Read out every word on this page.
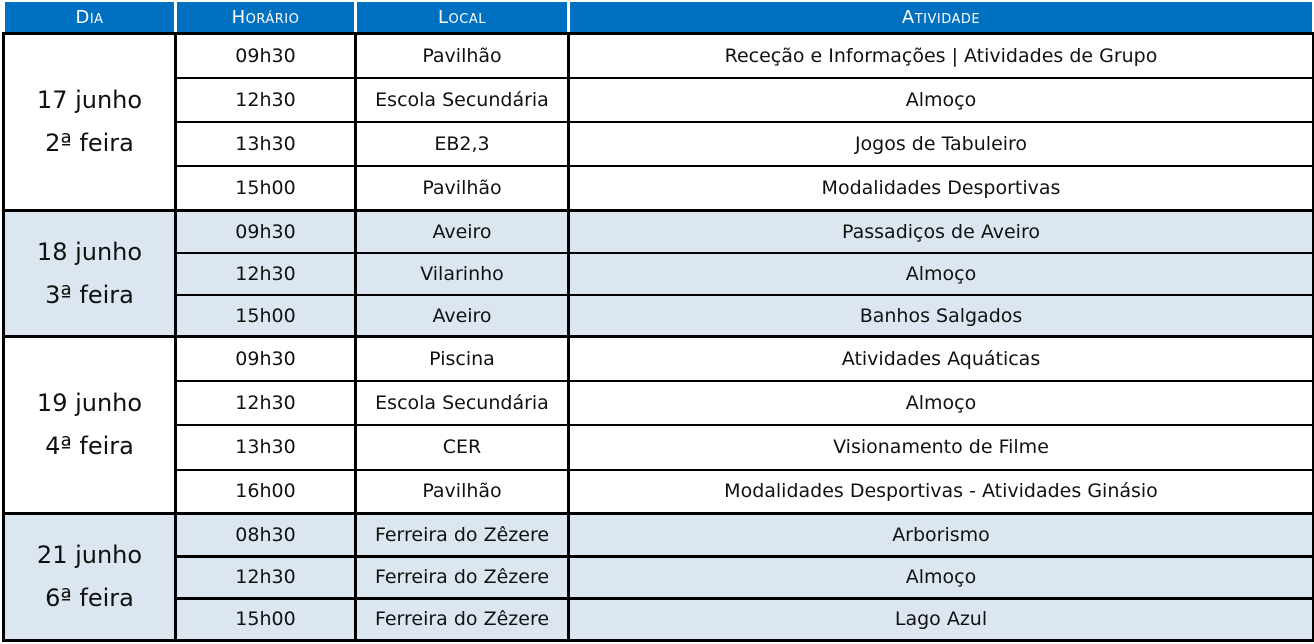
Dia	Horário	Local	Atividade

17 junho
2ª feira	09h30	Pavilhão	Receção e Informações | Atividades de Grupo
	12h30	Escola Secundária	Almoço
	13h30	EB2,3	Jogos de Tabuleiro
	15h00	Pavilhão	Modalidades Desportivas

18 junho
3ª feira	09h30	Aveiro	Passadiços de Aveiro
	12h30	Vilarinho	Almoço
	15h00	Aveiro	Banhos Salgados

19 junho
4ª feira	09h30	Piscina	Atividades Aquáticas
	12h30	Escola Secundária	Almoço
	13h30	CER	Visionamento de Filme
	16h00	Pavilhão	Modalidades Desportivas - Atividades Ginásio

21 junho
6ª feira	08h30	Ferreira do Zêzere	Arborismo
	12h30	Ferreira do Zêzere	Almoço
	15h00	Ferreira do Zêzere	Lago Azul
